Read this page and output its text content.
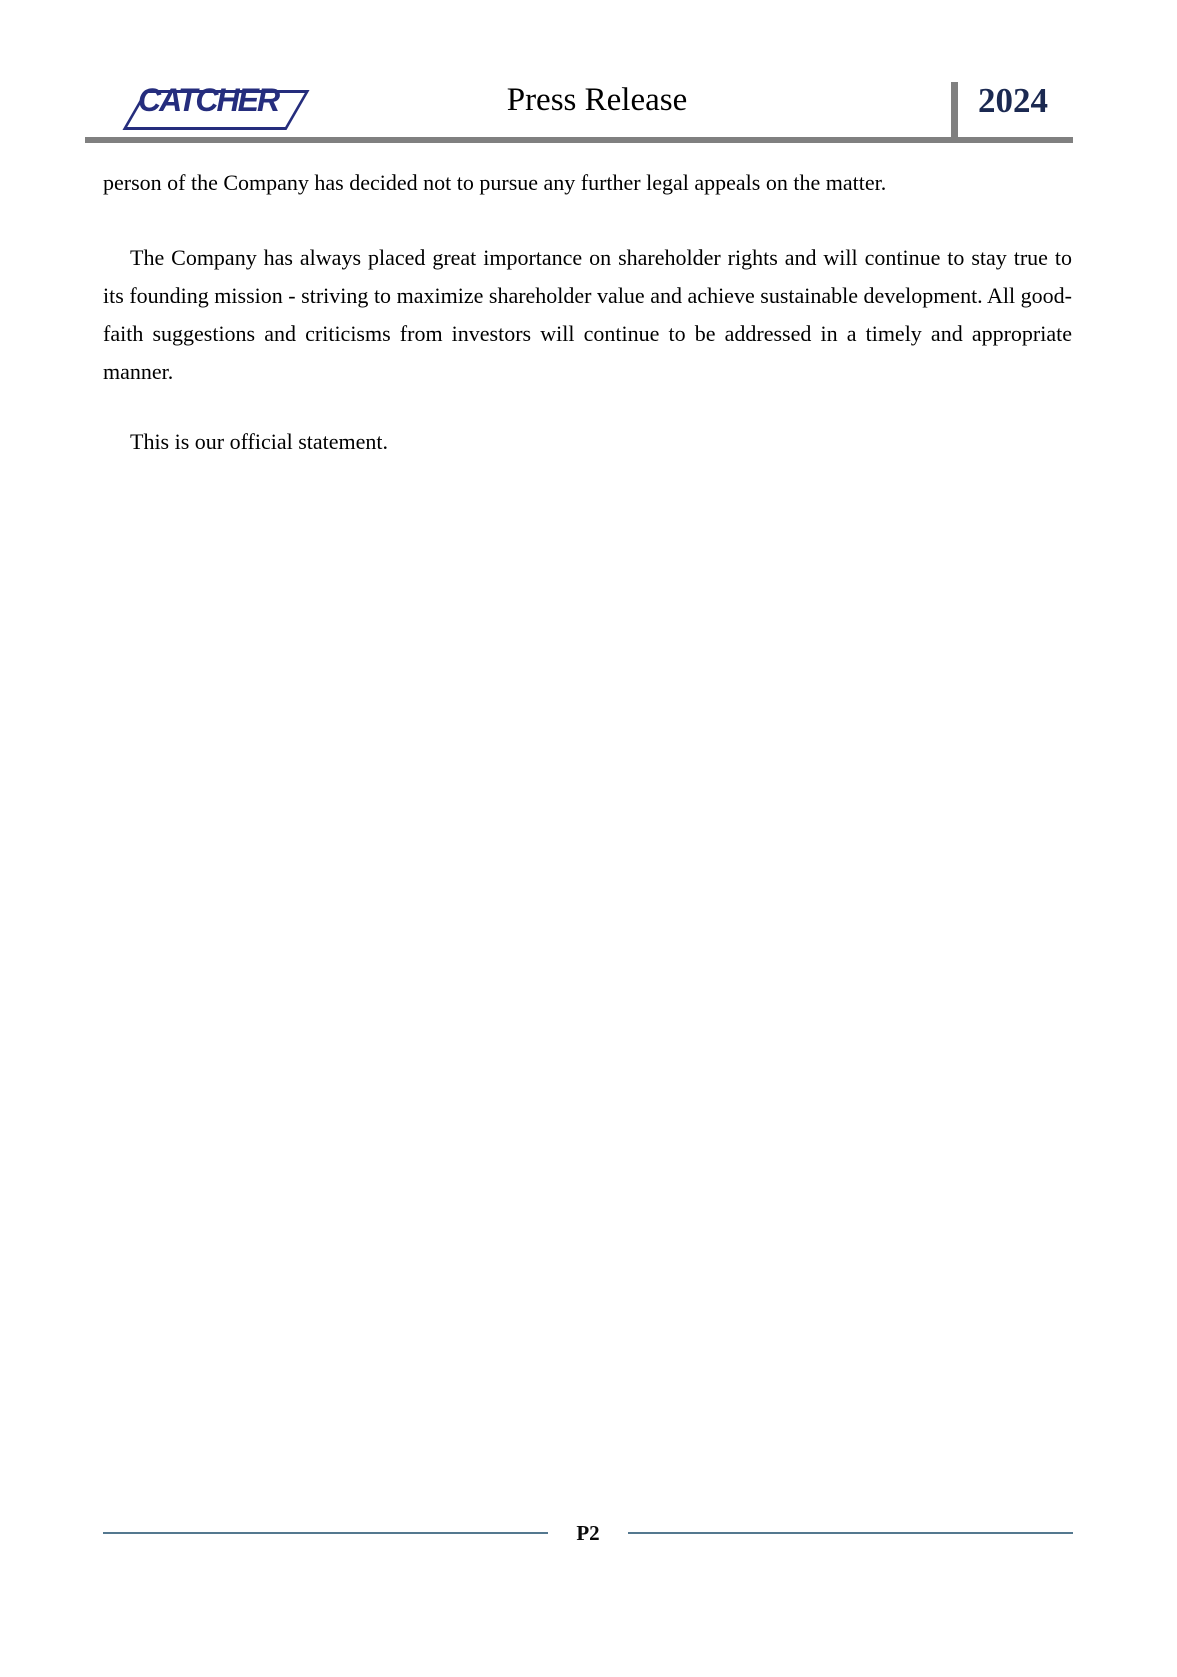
CATCHER	Press Release	2024

person of the Company has decided not to pursue any further legal appeals on the matter.

The Company has always placed great importance on shareholder rights and will continue to stay true to its founding mission - striving to maximize shareholder value and achieve sustainable development. All good-faith suggestions and criticisms from investors will continue to be addressed in a timely and appropriate manner.

This is our official statement.

P2
